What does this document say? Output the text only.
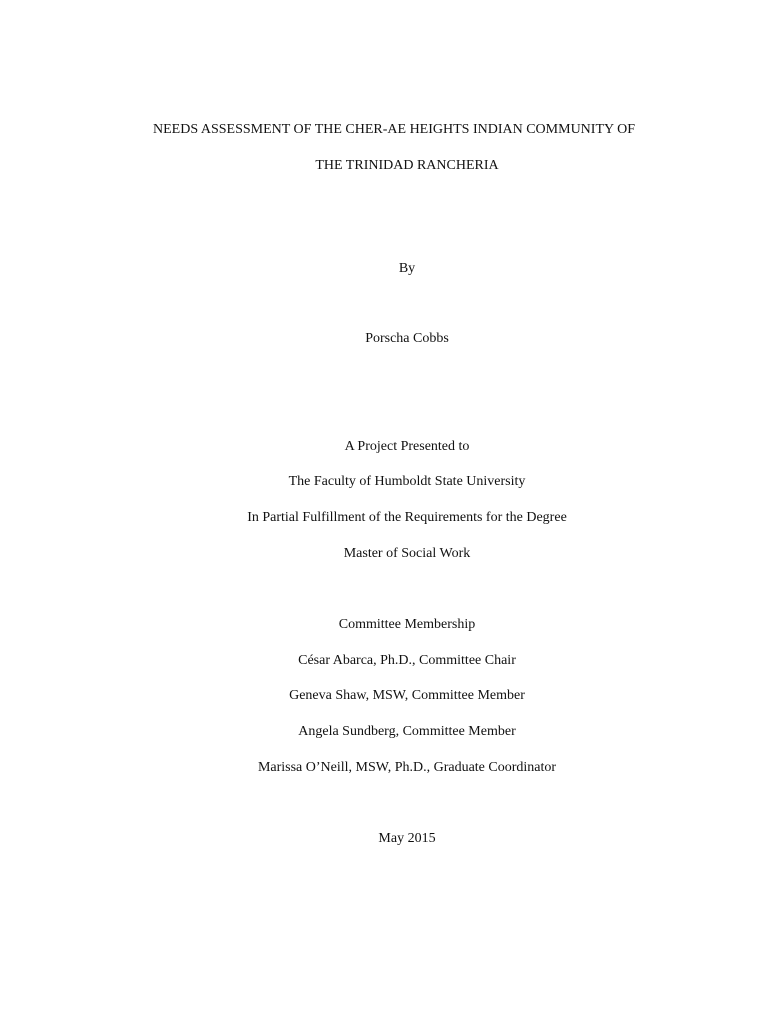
NEEDS ASSESSMENT OF THE CHER-AE HEIGHTS INDIAN COMMUNITY OF
THE TRINIDAD RANCHERIA

By

Porscha Cobbs

A Project Presented to

The Faculty of Humboldt State University

In Partial Fulfillment of the Requirements for the Degree

Master of Social Work

Committee Membership

César Abarca, Ph.D., Committee Chair

Geneva Shaw, MSW, Committee Member

Angela Sundberg, Committee Member

Marissa O’Neill, MSW, Ph.D., Graduate Coordinator

May 2015
